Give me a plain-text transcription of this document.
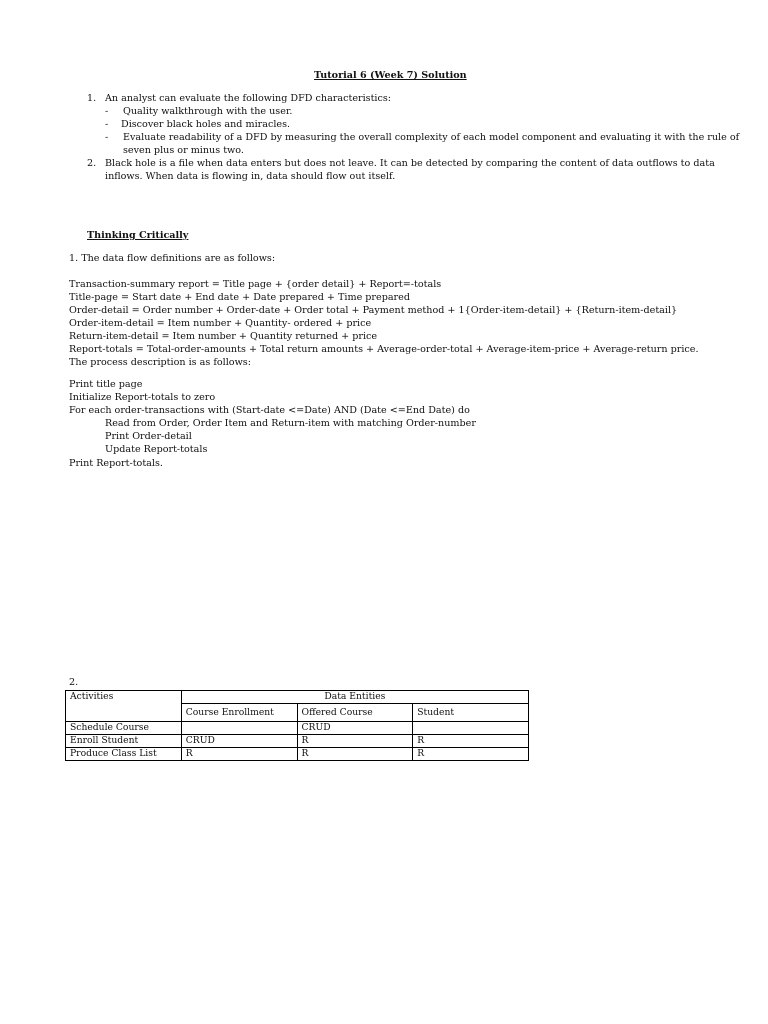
Tutorial 6 (Week 7) Solution
1. An analyst can evaluate the following DFD characteristics:
- Quality walkthrough with the user.
- Discover black holes and miracles.
- Evaluate readability of a DFD by measuring the overall complexity of each model component and evaluating it with the rule of
seven plus or minus two.
2. Black hole is a file when data enters but does not leave. It can be detected by comparing the content of data outflows to data
inflows. When data is flowing in, data should flow out itself.
Thinking Critically
1. The data flow definitions are as follows:
Transaction-summary report = Title page + {order detail} + Report=-totals
Title-page = Start date + End date + Date prepared + Time prepared
Order-detail = Order number + Order-date + Order total + Payment method + 1{Order-item-detail} + {Return-item-detail}
Order-item-detail = Item number + Quantity- ordered + price
Return-item-detail = Item number + Quantity returned + price
Report-totals = Total-order-amounts + Total return amounts + Average-order-total + Average-item-price + Average-return price.
The process description is as follows:
Print title page
Initialize Report-totals to zero
For each order-transactions with (Start-date <=Date) AND (Date <=End Date) do
Read from Order, Order Item and Return-item with matching Order-number
Print Order-detail
Update Report-totals
Print Report-totals.
2.
Activities	Data Entities		
	Course Enrollment	Offered Course	Student
Schedule Course		CRUD	
Enroll Student	CRUD	R	R
Produce Class List	R	R	R
